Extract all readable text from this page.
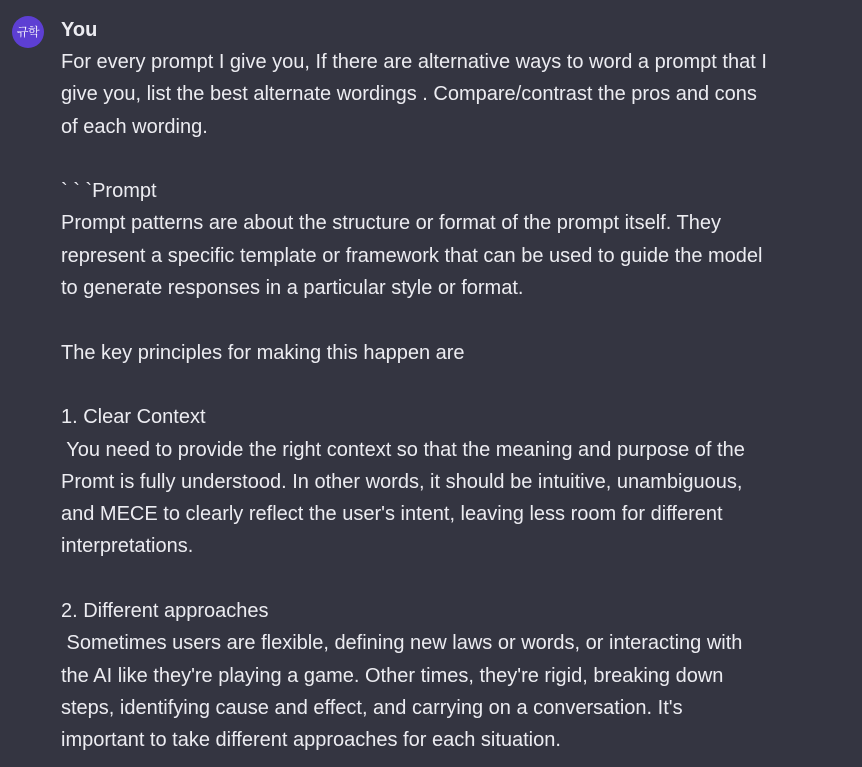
규학 You
For every prompt I give you, If there are alternative ways to word a prompt that I
give you, list the best alternate wordings . Compare/contrast the pros and cons
of each wording.
` ` `Prompt
Prompt patterns are about the structure or format of the prompt itself. They
represent a specific template or framework that can be used to guide the model
to generate responses in a particular style or format.
The key principles for making this happen are
1. Clear Context
You need to provide the right context so that the meaning and purpose of the
Promt is fully understood. In other words, it should be intuitive, unambiguous,
and MECE to clearly reflect the user's intent, leaving less room for different
interpretations.
2. Different approaches
Sometimes users are flexible, defining new laws or words, or interacting with
the AI like they're playing a game. Other times, they're rigid, breaking down
steps, identifying cause and effect, and carrying on a conversation. It's
important to take different approaches for each situation.
